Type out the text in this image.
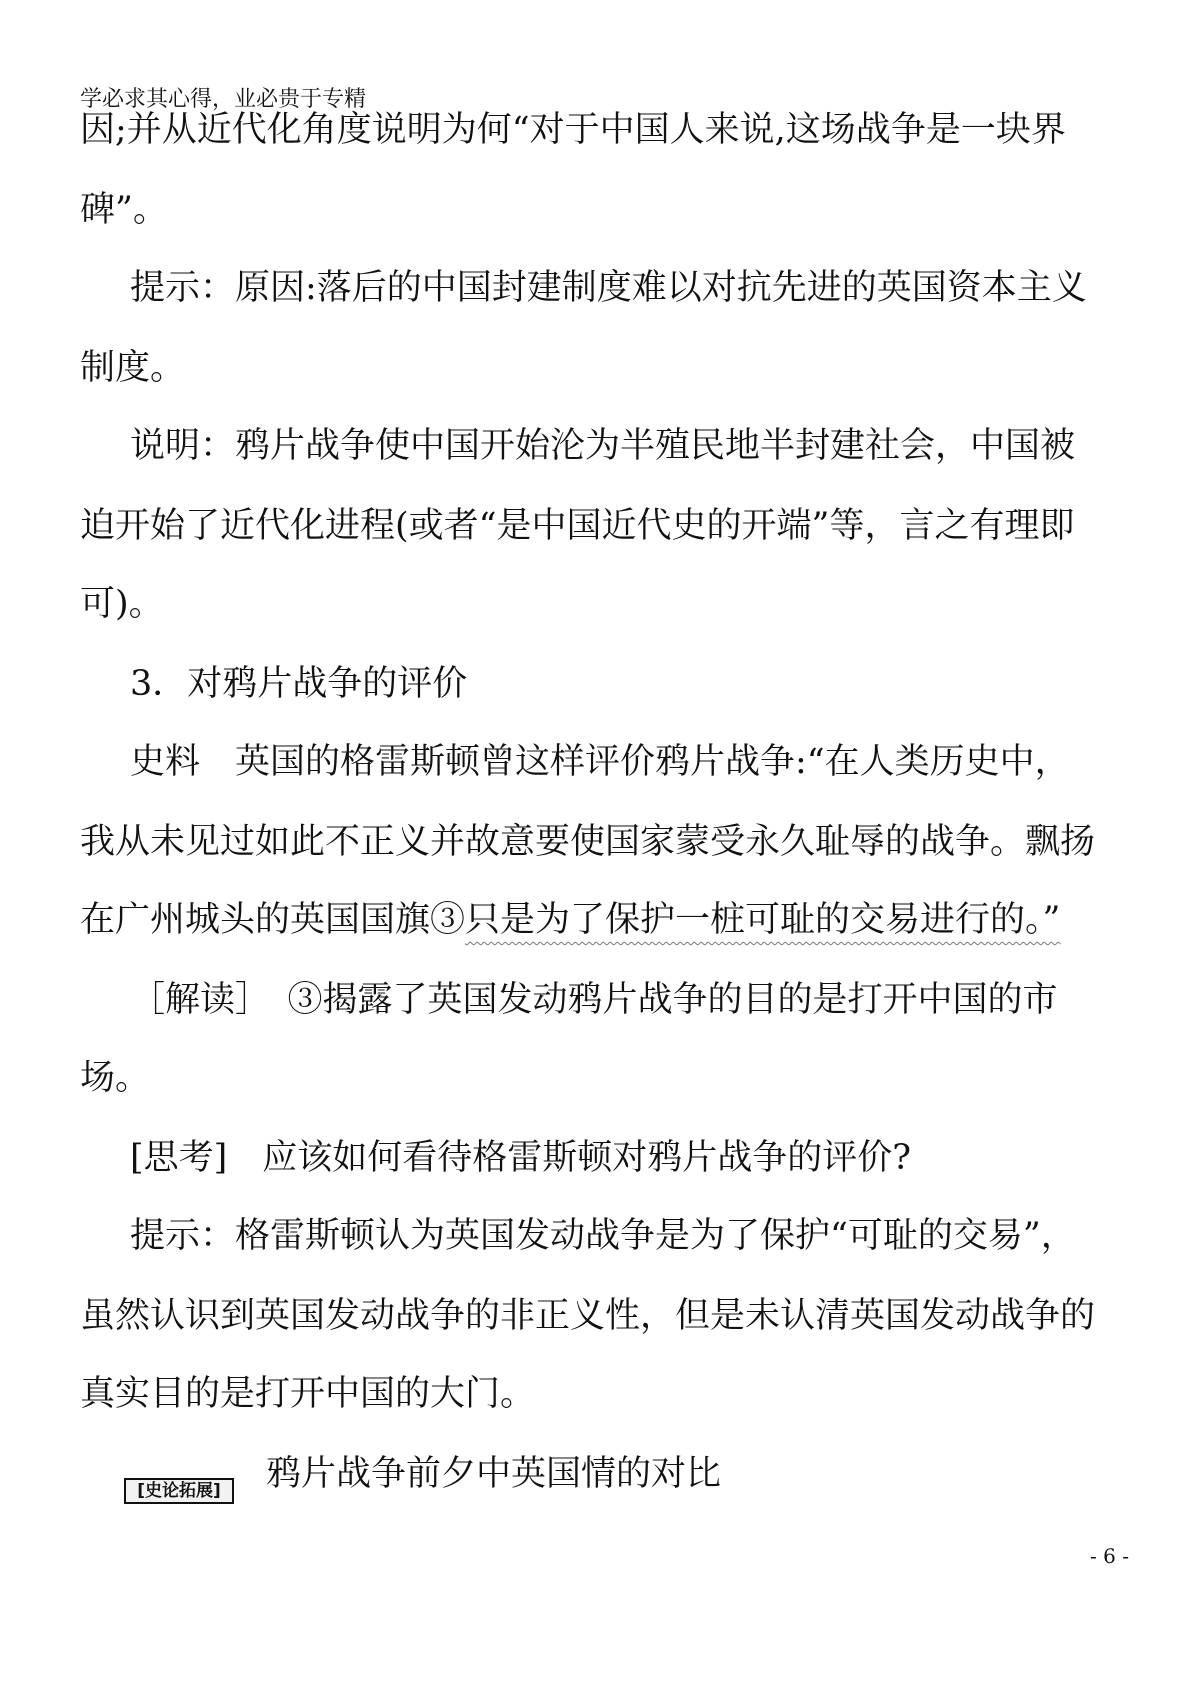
学必求其心得，业必贵于专精
因;并从近代化角度说明为何“对于中国人来说,这场战争是一块界
碑”。
提示：原因:落后的中国封建制度难以对抗先进的英国资本主义
制度。
说明：鸦片战争使中国开始沦为半殖民地半封建社会，中国被
迫开始了近代化进程(或者“是中国近代史的开端”等，言之有理即
可)。
3．对鸦片战争的评价
史料　英国的格雷斯顿曾这样评价鸦片战争:“在人类历史中，
我从未见过如此不正义并故意要使国家蒙受永久耻辱的战争。飘扬
在广州城头的英国国旗③只是为了保护一桩可耻的交易进行的。”
［解读］　③揭露了英国发动鸦片战争的目的是打开中国的市
场。
[思考]　应该如何看待格雷斯顿对鸦片战争的评价?
提示：格雷斯顿认为英国发动战争是为了保护“可耻的交易”，
虽然认识到英国发动战争的非正义性，但是未认清英国发动战争的
真实目的是打开中国的大门。
[史论拓展]	鸦片战争前夕中英国情的对比
- 6 -
